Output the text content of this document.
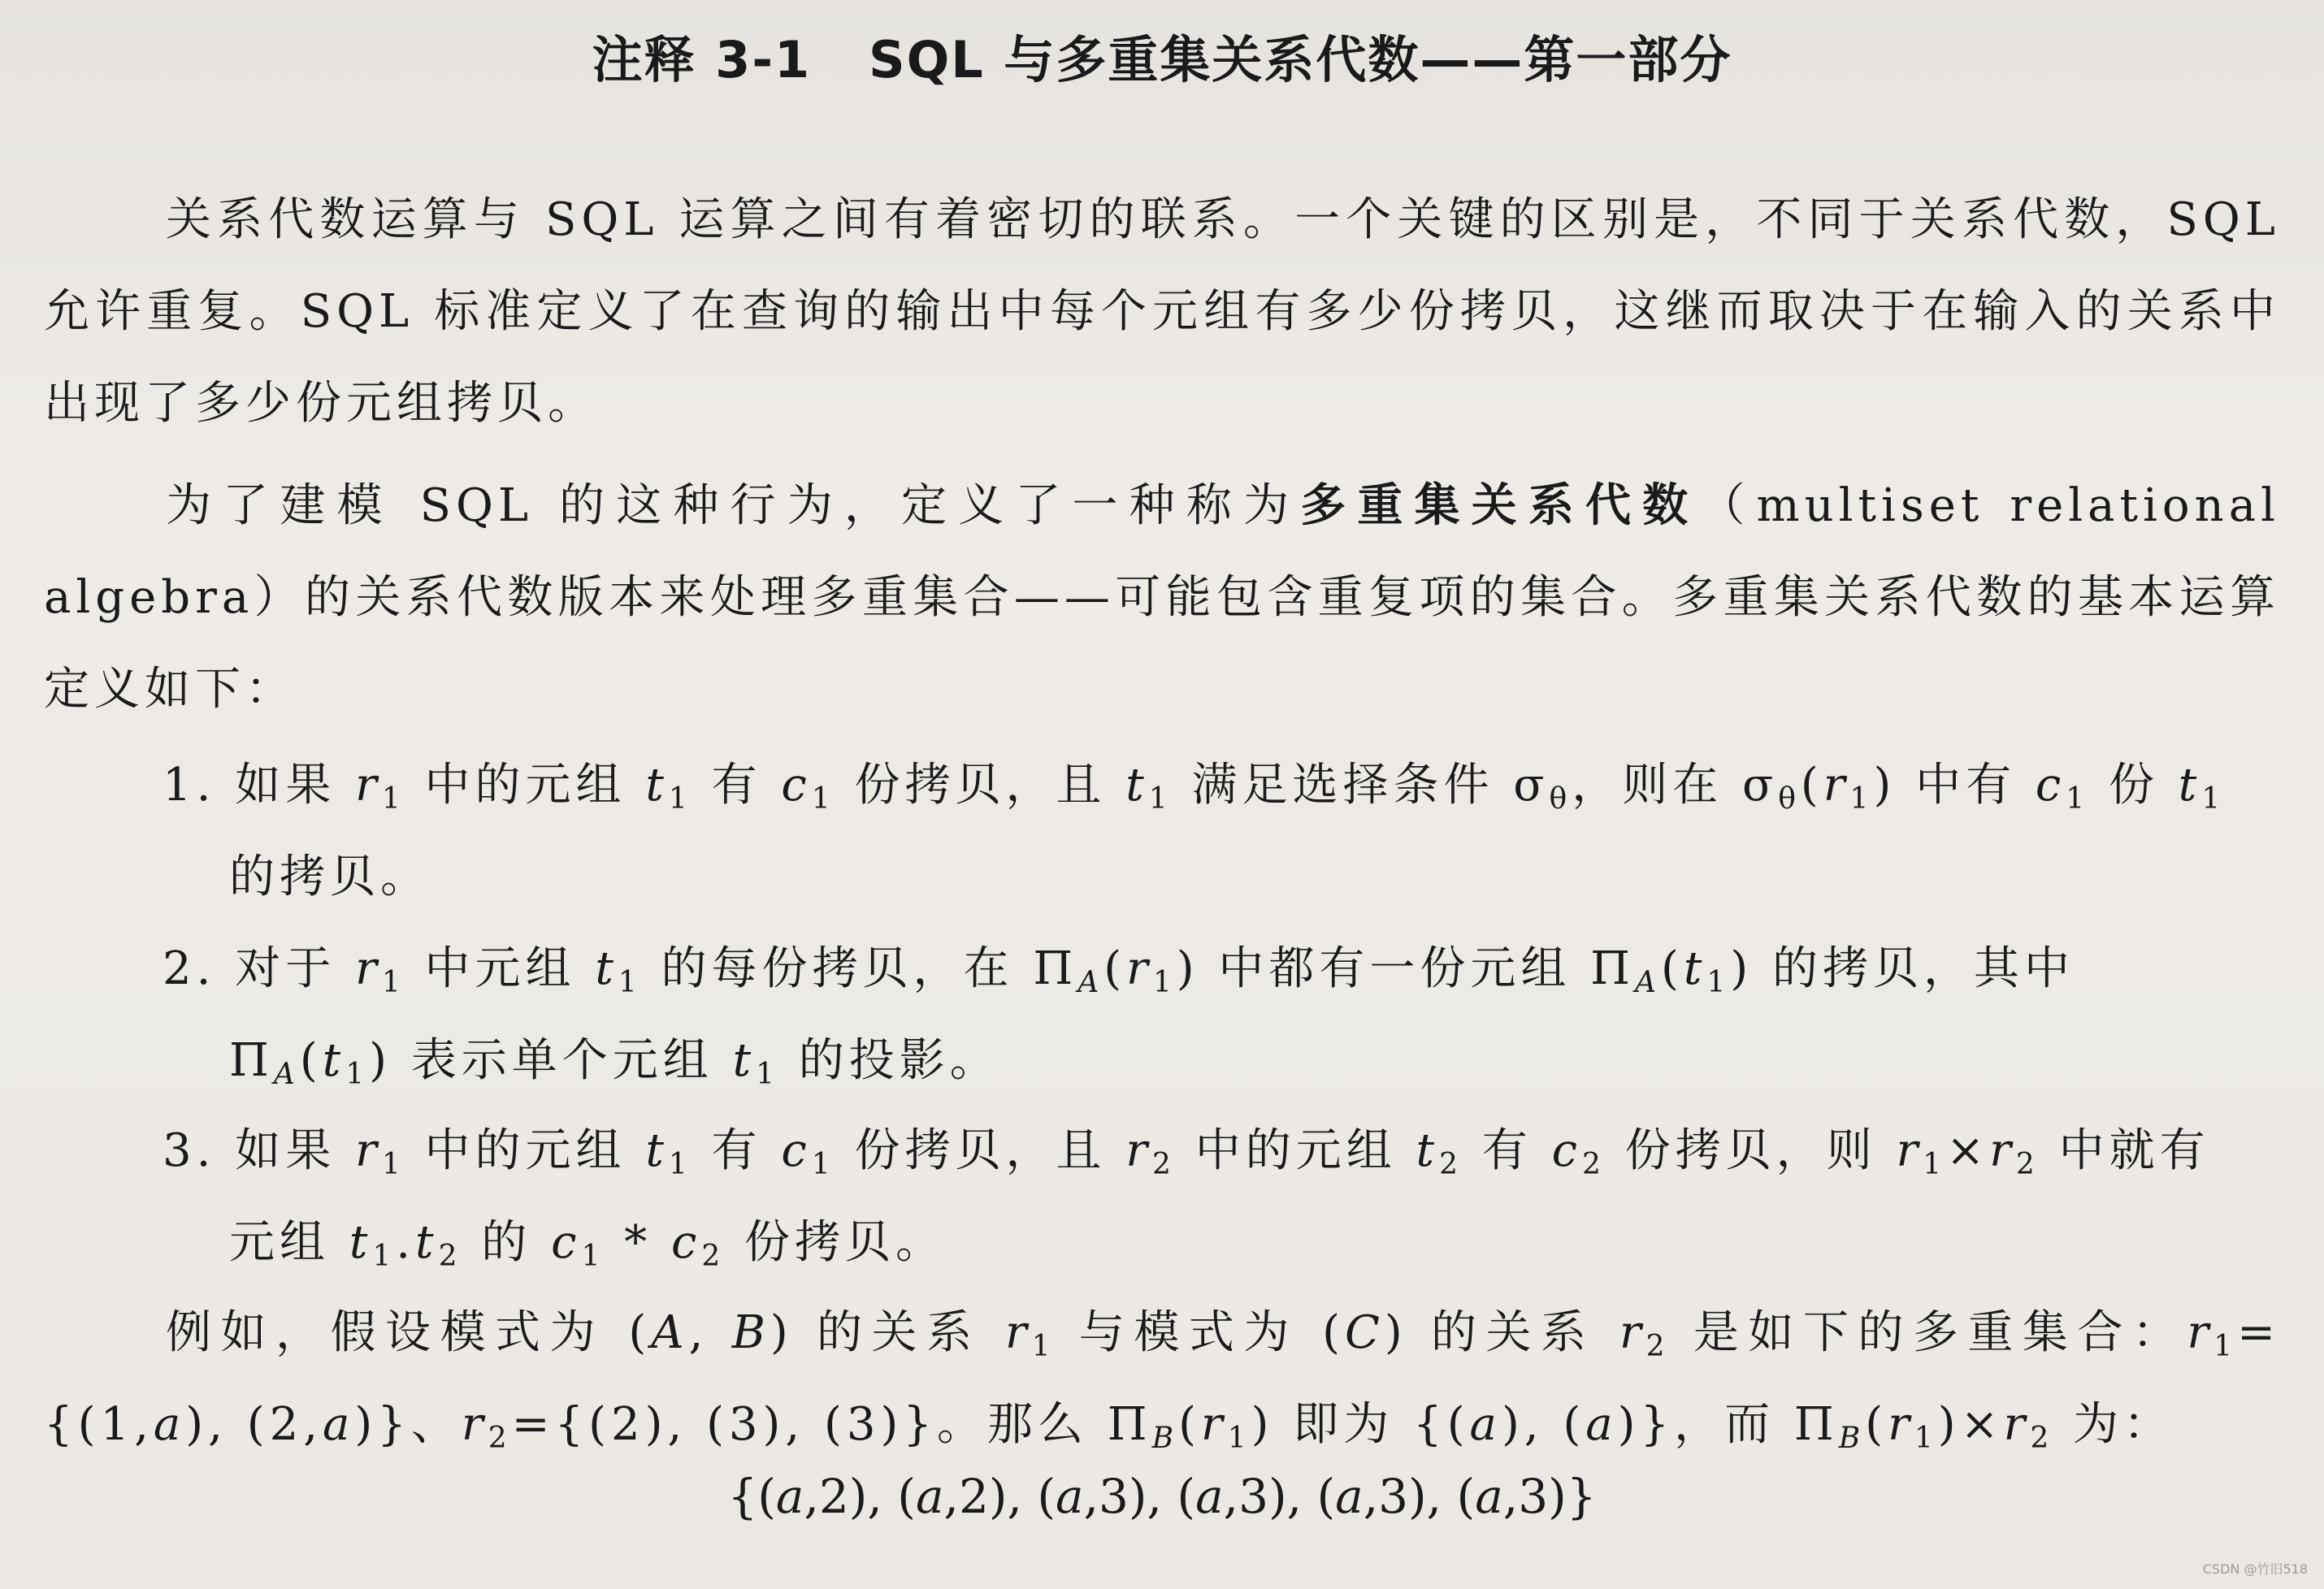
注释 3-1   SQL 与多重集关系代数——第一部分
关系代数运算与 SQL 运算之间有着密切的联系。一个关键的区别是，不同于关系代数，SQL 允许重复。SQL 标准定义了在查询的输出中每个元组有多少份拷贝，这继而取决于在输入的关系中出现了多少份元组拷贝。
为了建模 SQL 的这种行为，定义了一种称为多重集关系代数（multiset relational algebra）的关系代数版本来处理多重集合——可能包含重复项的集合。多重集关系代数的基本运算定义如下：
1. 如果 $r_1$ 中的元组 $t_1$ 有 $c_1$ 份拷贝，且 $t_1$ 满足选择条件 $\sigma_\theta$，则在 $\sigma_\theta(r_1)$ 中有 $c_1$ 份 $t_1$
的拷贝。
2. 对于 $r_1$ 中元组 $t_1$ 的每份拷贝，在 $\Pi_A(r_1)$ 中都有一份元组 $\Pi_A(t_1)$ 的拷贝，其中
$\Pi_A(t_1)$ 表示单个元组 $t_1$ 的投影。
3. 如果 $r_1$ 中的元组 $t_1$ 有 $c_1$ 份拷贝，且 $r_2$ 中的元组 $t_2$ 有 $c_2$ 份拷贝，则 $r_1\times r_2$ 中就有
元组 $t_1.t_2$ 的 $c_1 * c_2$ 份拷贝。
例如，假设模式为 (A, B) 的关系 $r_1$ 与模式为 (C) 的关系 $r_2$ 是如下的多重集合：$r_1=\{(1,a)$, (2,a)}、$r_2=\{(2)$, (3), (3)}。那么 $\Pi_B(r_1)$ 即为 {(a), (a)}，而 $\Pi_B(r_1)\times r_2$ 为：
{(a,2), (a,2), (a,3), (a,3), (a,3), (a,3)}
CSDN @竹旧518
